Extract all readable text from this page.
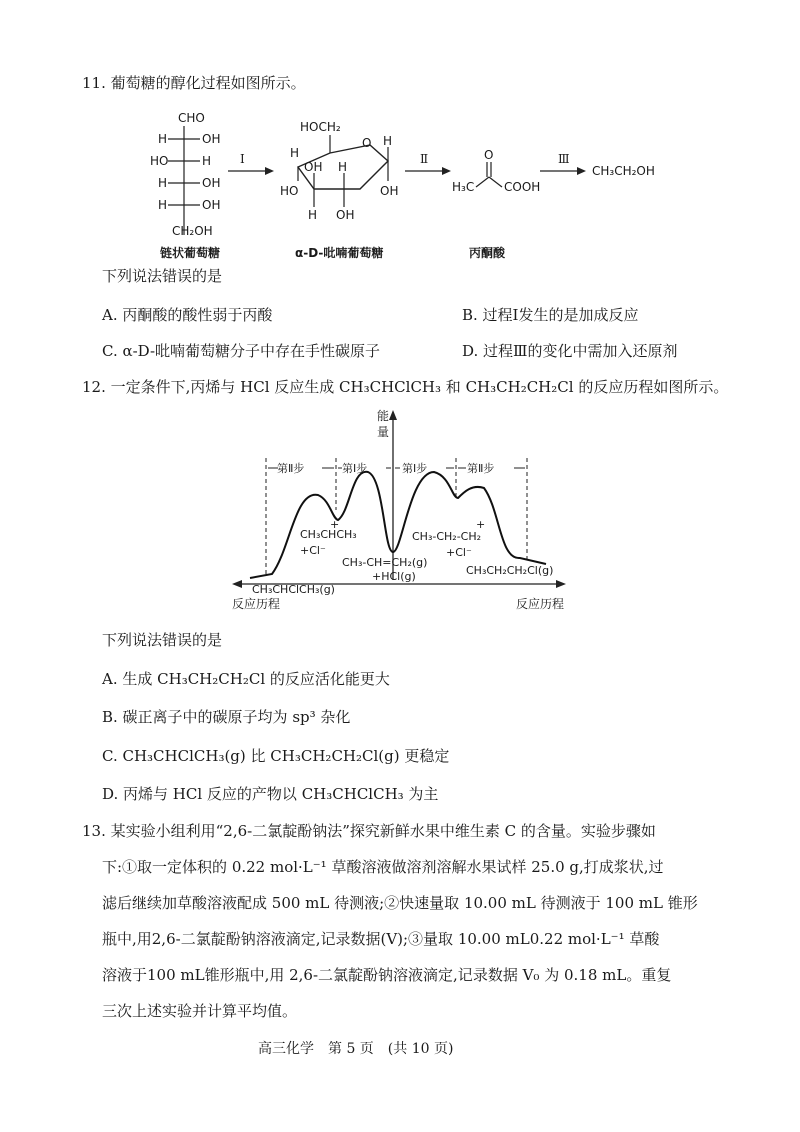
11. 葡萄糖的醇化过程如图所示。
CHO
H	OH
HO	H
H	OH
H	OH
CH₂OH
链状葡萄糖
Ⅰ
HOCH₂
O
H
HO
OH
H
H
OH
H
OH
α-D-吡喃葡萄糖
Ⅱ	O
H₃C COOH
丙酮酸
Ⅲ
CH₃CH₂OH
下列说法错误的是
A. 丙酮酸的酸性弱于丙酸	B. 过程Ⅰ发生的是加成反应
C. α-D-吡喃葡萄糖分子中存在手性碳原子	D. 过程Ⅲ的变化中需加入还原剂
12. 一定条件下,丙烯与 HCl 反应生成 CH₃CHClCH₃ 和 CH₃CH₂CH₂Cl 的反应历程如图所示。
能
量
反应历程	反应历程
第Ⅱ步	第Ⅰ步	第Ⅰ步	第Ⅱ步
+
CH₃CHCH₃
+Cl⁻
CH₃-CH=CH₂(g)
+HCl(g)
+
CH₃-CH₂-CH₂
+Cl⁻
CH₃CHClCH₃(g)
CH₃CH₂CH₂Cl(g)
下列说法错误的是
A. 生成 CH₃CH₂CH₂Cl 的反应活化能更大
B. 碳正离子中的碳原子均为 sp³ 杂化
C. CH₃CHClCH₃(g) 比 CH₃CH₂CH₂Cl(g) 更稳定
D. 丙烯与 HCl 反应的产物以 CH₃CHClCH₃ 为主
13. 某实验小组利用“2,6-二氯靛酚钠法”探究新鲜水果中维生素 C 的含量。实验步骤如
下:①取一定体积的 0.22 mol·L⁻¹ 草酸溶液做溶剂溶解水果试样 25.0 g,打成浆状,过
滤后继续加草酸溶液配成 500 mL 待测液;②快速量取 10.00 mL 待测液于 100 mL 锥形
瓶中,用2,6-二氯靛酚钠溶液滴定,记录数据(V);③量取 10.00 mL0.22 mol·L⁻¹ 草酸
溶液于100 mL锥形瓶中,用 2,6-二氯靛酚钠溶液滴定,记录数据 V₀ 为 0.18 mL。重复
三次上述实验并计算平均值。
高三化学　第 5 页　(共 10 页)
